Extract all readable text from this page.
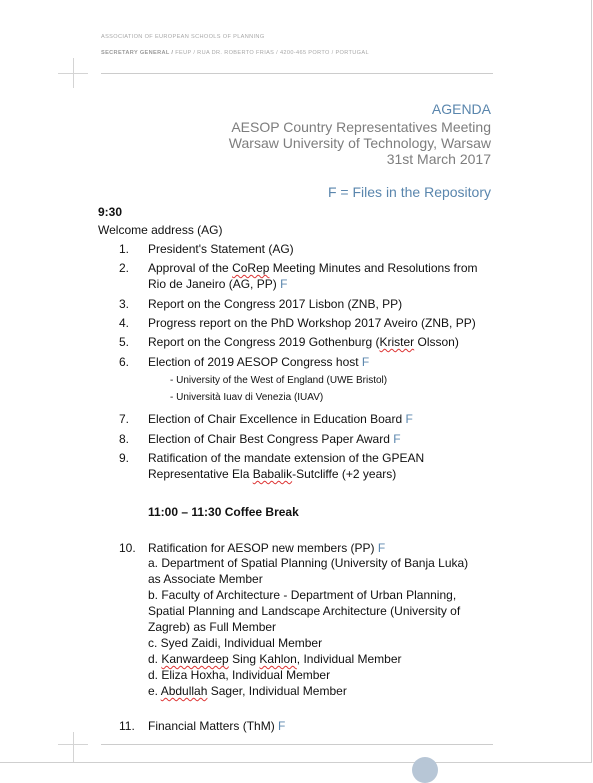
ASSOCIATION OF EUROPEAN SCHOOLS OF PLANNING
SECRETARY GENERAL / FEUP / RUA DR. ROBERTO FRIAS / 4200-465 PORTO / PORTUGAL
AGENDA
AESOP Country Representatives Meeting
Warsaw University of Technology, Warsaw
31st March 2017
F = Files in the Repository
9:30
Welcome address (AG)
1. President's Statement (AG)
2. Approval of the CoRep Meeting Minutes and Resolutions from
Rio de Janeiro (AG, PP) F
3. Report on the Congress 2017 Lisbon (ZNB, PP)
4. Progress report on the PhD Workshop 2017 Aveiro (ZNB, PP)
5. Report on the Congress 2019 Gothenburg (Krister Olsson)
6. Election of 2019 AESOP Congress host F
- University of the West of England (UWE Bristol)
- Università Iuav di Venezia (IUAV)
7. Election of Chair Excellence in Education Board F
8. Election of Chair Best Congress Paper Award F
9. Ratification of the mandate extension of the GPEAN
Representative Ela Babalik-Sutcliffe (+2 years)
11:00 – 11:30 Coffee Break
10. Ratification for AESOP new members (PP) F
a. Department of Spatial Planning (University of Banja Luka)
as Associate Member
b. Faculty of Architecture - Department of Urban Planning,
Spatial Planning and Landscape Architecture (University of
Zagreb) as Full Member
c. Syed Zaidi, Individual Member
d. Kanwardeep Sing Kahlon, Individual Member
d. Eliza Hoxha, Individual Member
e. Abdullah Sager, Individual Member
11. Financial Matters (ThM) F
